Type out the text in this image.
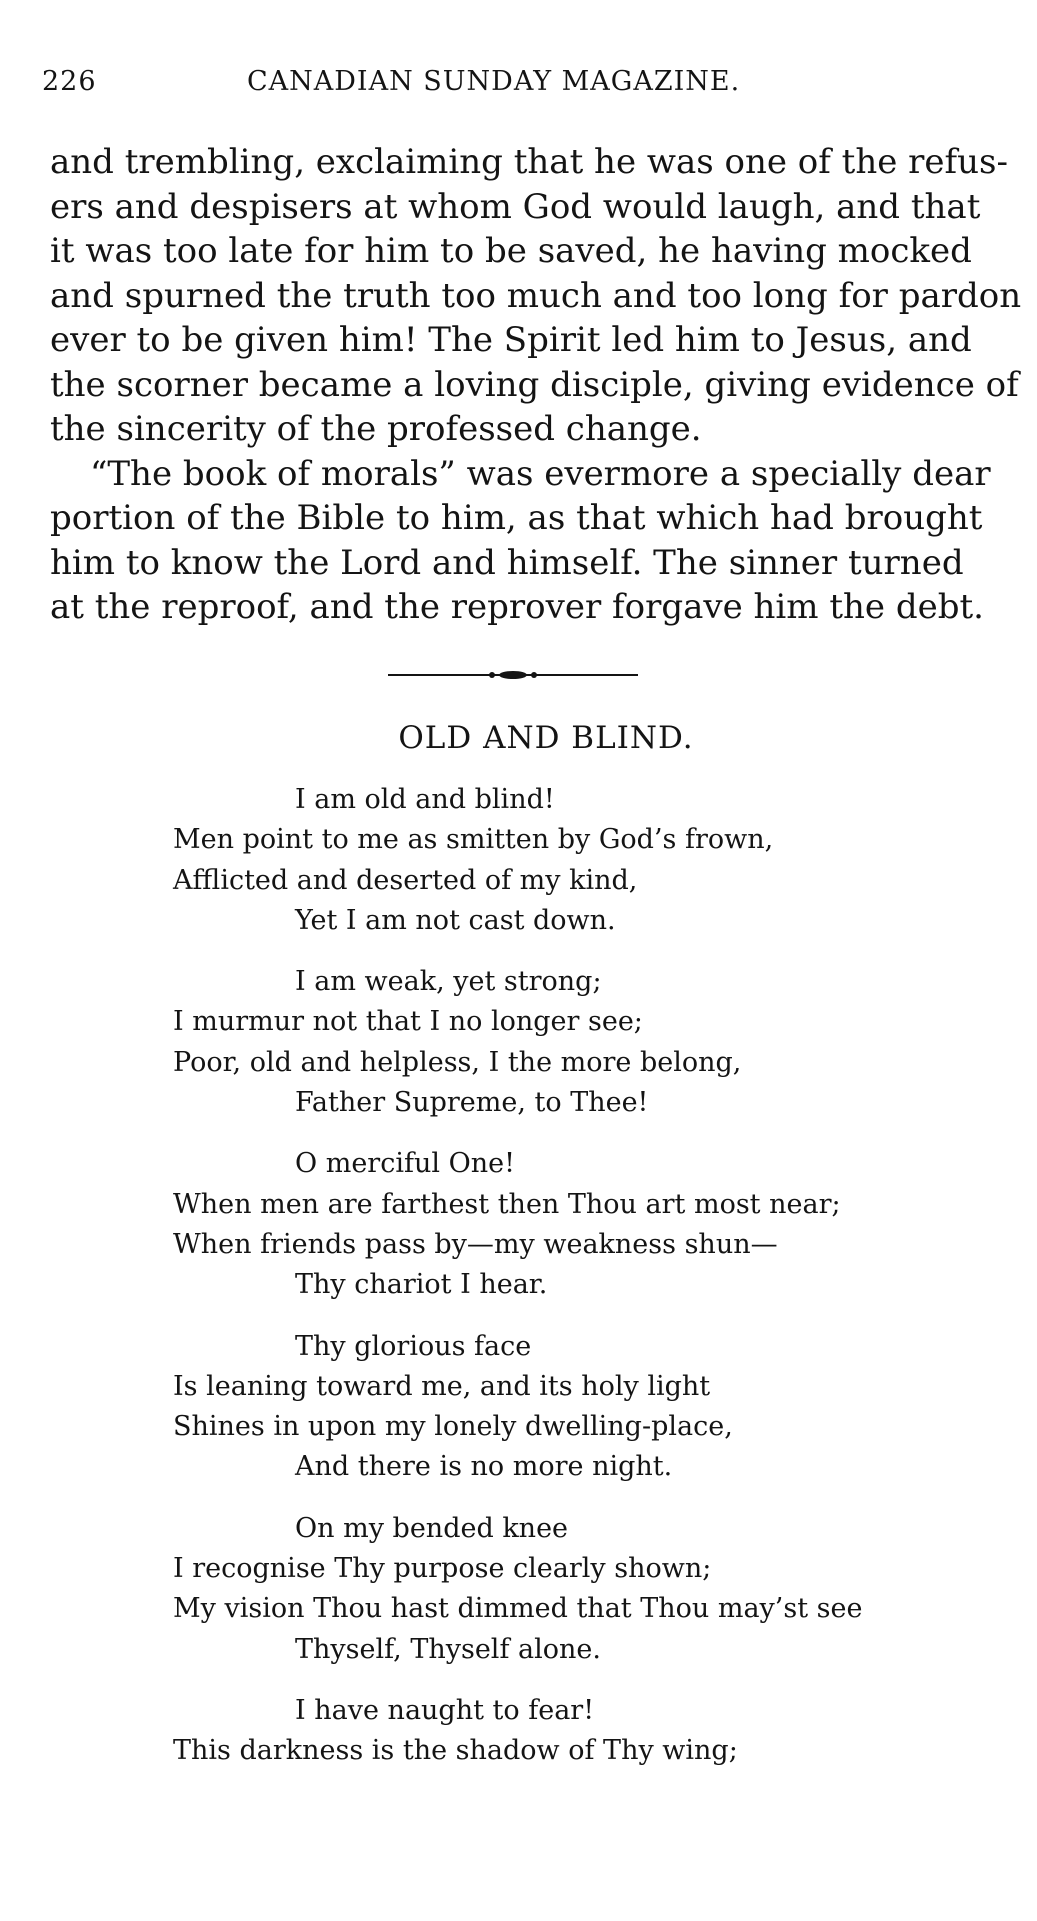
226	CANADIAN SUNDAY MAGAZINE.

and trembling, exclaiming that he was one of the refus-
ers and despisers at whom God would laugh, and that
it was too late for him to be saved, he having mocked
and spurned the truth too much and too long for pardon
ever to be given him! The Spirit led him to Jesus, and
the scorner became a loving disciple, giving evidence of
the sincerity of the professed change.

“The book of morals” was evermore a specially dear
portion of the Bible to him, as that which had brought
him to know the Lord and himself. The sinner turned
at the reproof, and the reprover forgave him the debt.

OLD AND BLIND.
I am old and blind!
Men point to me as smitten by God’s frown,
Afflicted and deserted of my kind,
Yet I am not cast down.
I am weak, yet strong;
I murmur not that I no longer see;
Poor, old and helpless, I the more belong,
Father Supreme, to Thee!
O merciful One!
When men are farthest then Thou art most near;
When friends pass by—my weakness shun—
Thy chariot I hear.
Thy glorious face
Is leaning toward me, and its holy light
Shines in upon my lonely dwelling-place,
And there is no more night.
On my bended knee
I recognise Thy purpose clearly shown;
My vision Thou hast dimmed that Thou may’st see
Thyself, Thyself alone.
I have naught to fear!
This darkness is the shadow of Thy wing;
